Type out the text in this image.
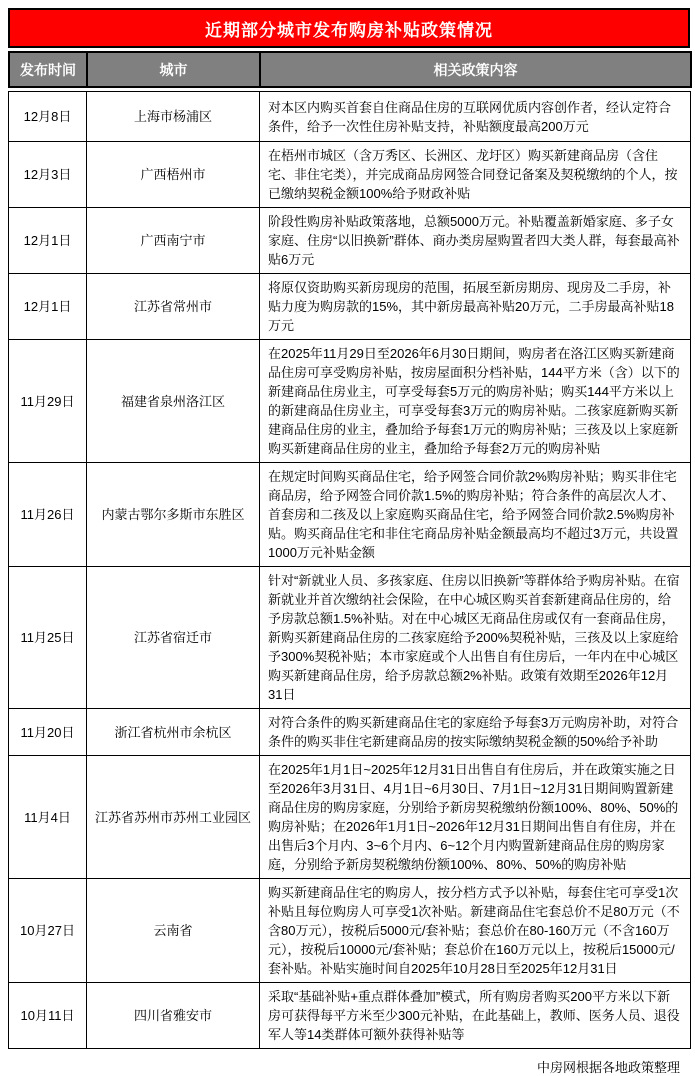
近期部分城市发布购房补贴政策情况
发布时间	城市	相关政策内容
12月8日	上海市杨浦区	对本区内购买首套自住商品住房的互联网优质内容创作者，经认定符合条件，给予一次性住房补贴支持，补贴额度最高200万元
12月3日	广西梧州市	在梧州市城区（含万秀区、长洲区、龙圩区）购买新建商品房（含住宅、非住宅类），并完成商品房网签合同登记备案及契税缴纳的个人，按已缴纳契税金额100%给予财政补贴
12月1日	广西南宁市	阶段性购房补贴政策落地，总额5000万元。补贴覆盖新婚家庭、多子女家庭、住房“以旧换新”群体、商办类房屋购置者四大类人群，每套最高补贴6万元
12月1日	江苏省常州市	将原仅资助购买新房现房的范围，拓展至新房期房、现房及二手房，补贴力度为购房款的15%，其中新房最高补贴20万元，二手房最高补贴18万元
11月29日	福建省泉州洛江区	在2025年11月29日至2026年6月30日期间，购房者在洛江区购买新建商品住房可享受购房补贴，按房屋面积分档补贴，144平方米（含）以下的新建商品住房业主，可享受每套5万元的购房补贴；购买144平方米以上的新建商品住房业主，可享受每套3万元的购房补贴。二孩家庭新购买新建商品住房的业主，叠加给予每套1万元的购房补贴；三孩及以上家庭新购买新建商品住房的业主，叠加给予每套2万元的购房补贴
11月26日	内蒙古鄂尔多斯市东胜区	在规定时间购买商品住宅，给予网签合同价款2%购房补贴；购买非住宅商品房，给予网签合同价款1.5%的购房补贴；符合条件的高层次人才、首套房和二孩及以上家庭购买商品住宅，给予网签合同价款2.5%购房补贴。购买商品住宅和非住宅商品房补贴金额最高均不超过3万元，共设置1000万元补贴金额
11月25日	江苏省宿迁市	针对“新就业人员、多孩家庭、住房以旧换新”等群体给予购房补贴。在宿新就业并首次缴纳社会保险，在中心城区购买首套新建商品住房的，给予房款总额1.5%补贴。对在中心城区无商品住房或仅有一套商品住房，新购买新建商品住房的二孩家庭给予200%契税补贴，三孩及以上家庭给予300%契税补贴；本市家庭或个人出售自有住房后，一年内在中心城区购买新建商品住房，给予房款总额2%补贴。政策有效期至2026年12月31日
11月20日	浙江省杭州市余杭区	对符合条件的购买新建商品住宅的家庭给予每套3万元购房补助，对符合条件的购买非住宅新建商品房的按实际缴纳契税金额的50%给予补助
11月4日	江苏省苏州市苏州工业园区	在2025年1月1日~2025年12月31日出售自有住房后，并在政策实施之日至2026年3月31日、4月1日~6月30日、7月1日~12月31日期间购置新建商品住房的购房家庭，分别给予新房契税缴纳份额100%、80%、50%的购房补贴；在2026年1月1日~2026年12月31日期间出售自有住房，并在出售后3个月内、3~6个月内、6~12个月内购置新建商品住房的购房家庭，分别给予新房契税缴纳份额100%、80%、50%的购房补贴
10月27日	云南省	购买新建商品住宅的购房人，按分档方式予以补贴，每套住宅可享受1次补贴且每位购房人可享受1次补贴。新建商品住宅套总价不足80万元（不含80万元），按税后5000元/套补贴；套总价在80-160万元（不含160万元），按税后10000元/套补贴；套总价在160万元以上，按税后15000元/套补贴。补贴实施时间自2025年10月28日至2025年12月31日
10月11日	四川省雅安市	采取“基础补贴+重点群体叠加”模式，所有购房者购买200平方米以下新房可获得每平方米至少300元补贴，在此基础上，教师、医务人员、退役军人等14类群体可额外获得补贴等
中房网根据各地政策整理
